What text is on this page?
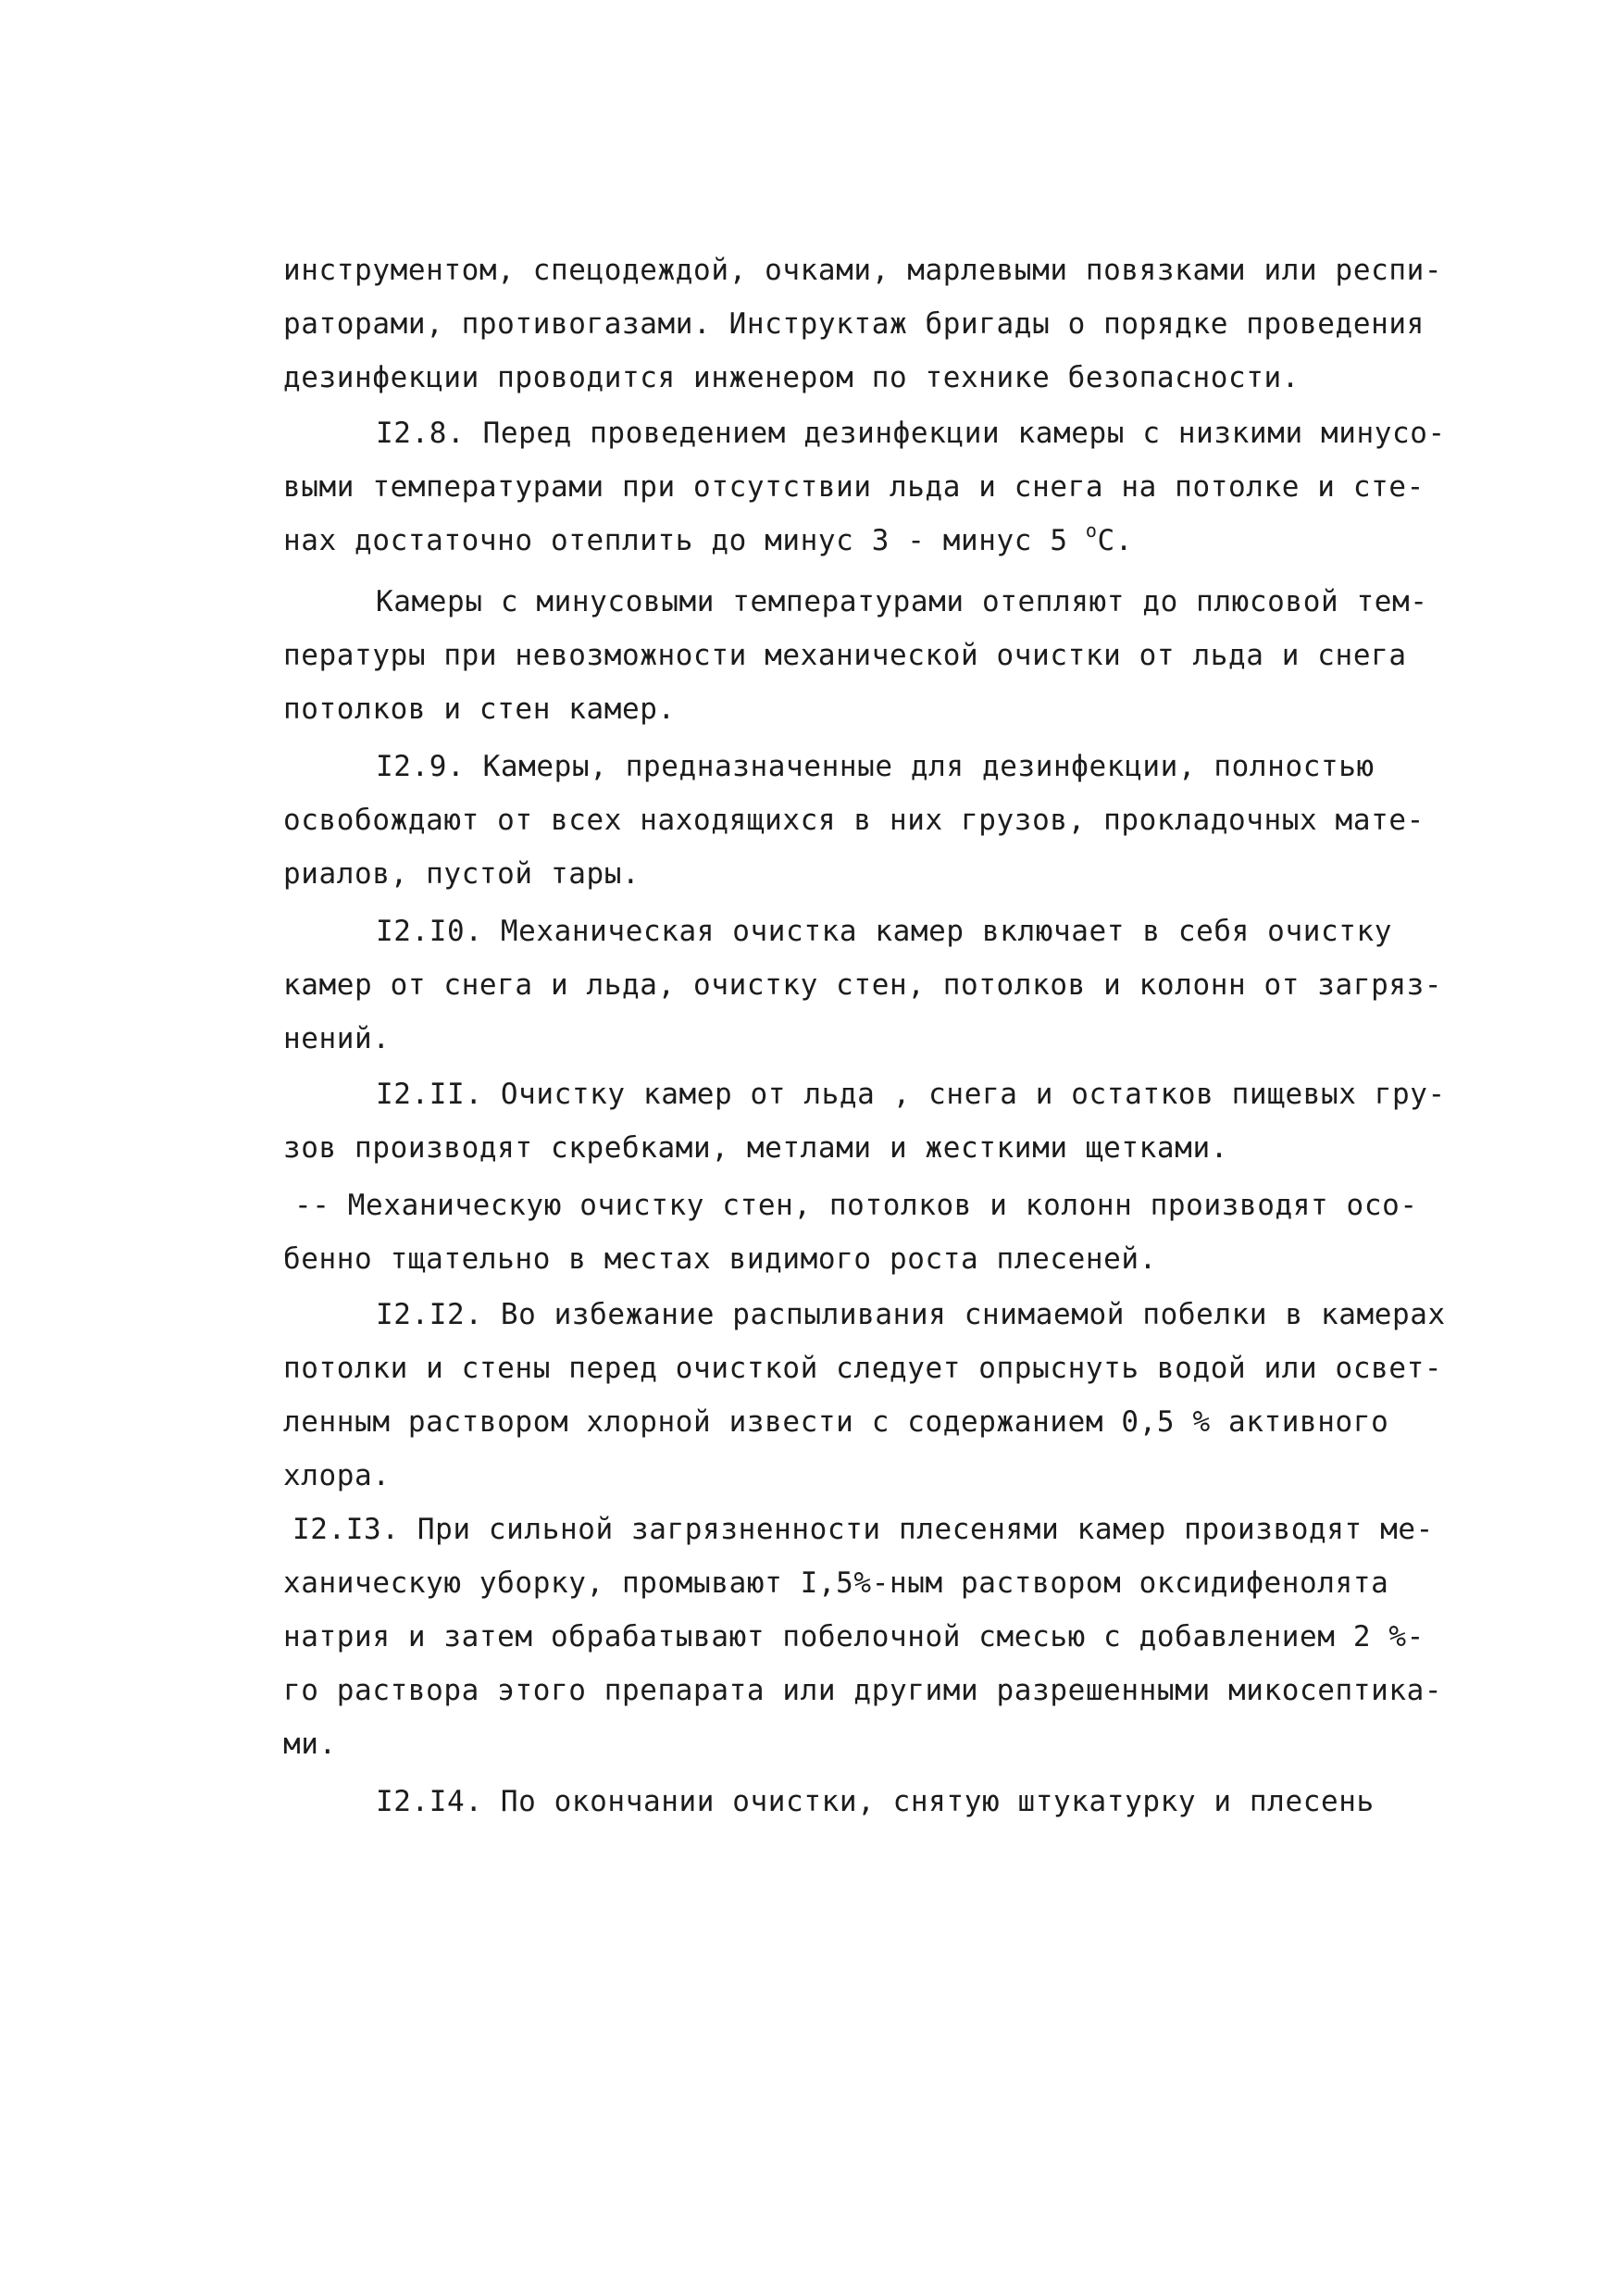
инструментом, спецодеждой, очками, марлевыми повязками или респи-
раторами, противогазами. Инструктаж бригады о порядке проведения
дезинфекции проводится инженером по технике безопасности.
I2.8. Перед проведением дезинфекции камеры с низкими минусо-
выми температурами при отсутствии льда и снега на потолке и сте-
нах достаточно отеплить до минус 3 - минус 5 $^о$С.
Камеры с минусовыми температурами отепляют до плюсовой тем-
пературы при невозможности механической очистки от льда и снега
потолков и стен камер.
I2.9. Камеры, предназначенные для дезинфекции, полностью
освобождают от всех находящихся в них грузов, прокладочных мате-
риалов, пустой тары.
I2.I0. Механическая очистка камер включает в себя очистку
камер от снега и льда, очистку стен, потолков и колонн от загряз-
нений.
I2.II. Очистку камер от льда , снега и остатков пищевых гру-
зов производят скребками, метлами и жесткими щетками.
-- Механическую очистку стен, потолков и колонн производят осо-
бенно тщательно в местах видимого роста плесеней.
I2.I2. Во избежание распыливания снимаемой побелки в камерах
потолки и стены перед очисткой следует опрыснуть водой или освет-
ленным раствором хлорной извести с содержанием 0,5 % активного
хлора.
I2.I3. При сильной загрязненности плесенями камер производят ме-
ханическую уборку, промывают I,5%-ным раствором оксидифенолята
натрия и затем обрабатывают побелочной смесью с добавлением 2 %-
го раствора этого препарата или другими разрешенными микосептика-
ми.
I2.I4. По окончании очистки, снятую штукатурку и плесень
